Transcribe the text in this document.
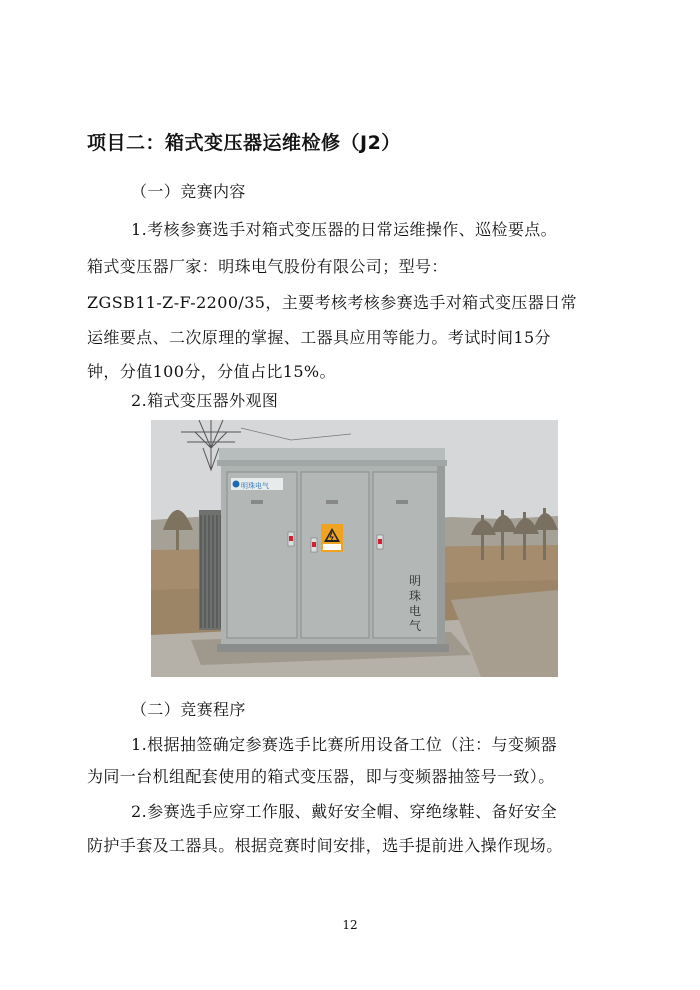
项目二：箱式变压器运维检修（J2）
（一）竞赛内容
1.考核参赛选手对箱式变压器的日常运维操作、巡检要点。
箱式变压器厂家：明珠电气股份有限公司；型号：
ZGSB11-Z-F-2200/35，主要考核考核参赛选手对箱式变压器日常
运维要点、二次原理的掌握、工器具应用等能力。考试时间15分
钟，分值100分，分值占比15%。
2.箱式变压器外观图
明珠电气
明
珠
电
气
（二）竞赛程序
1.根据抽签确定参赛选手比赛所用设备工位（注：与变频器
为同一台机组配套使用的箱式变压器，即与变频器抽签号一致）。
2.参赛选手应穿工作服、戴好安全帽、穿绝缘鞋、备好安全
防护手套及工器具。根据竞赛时间安排，选手提前进入操作现场。
12
